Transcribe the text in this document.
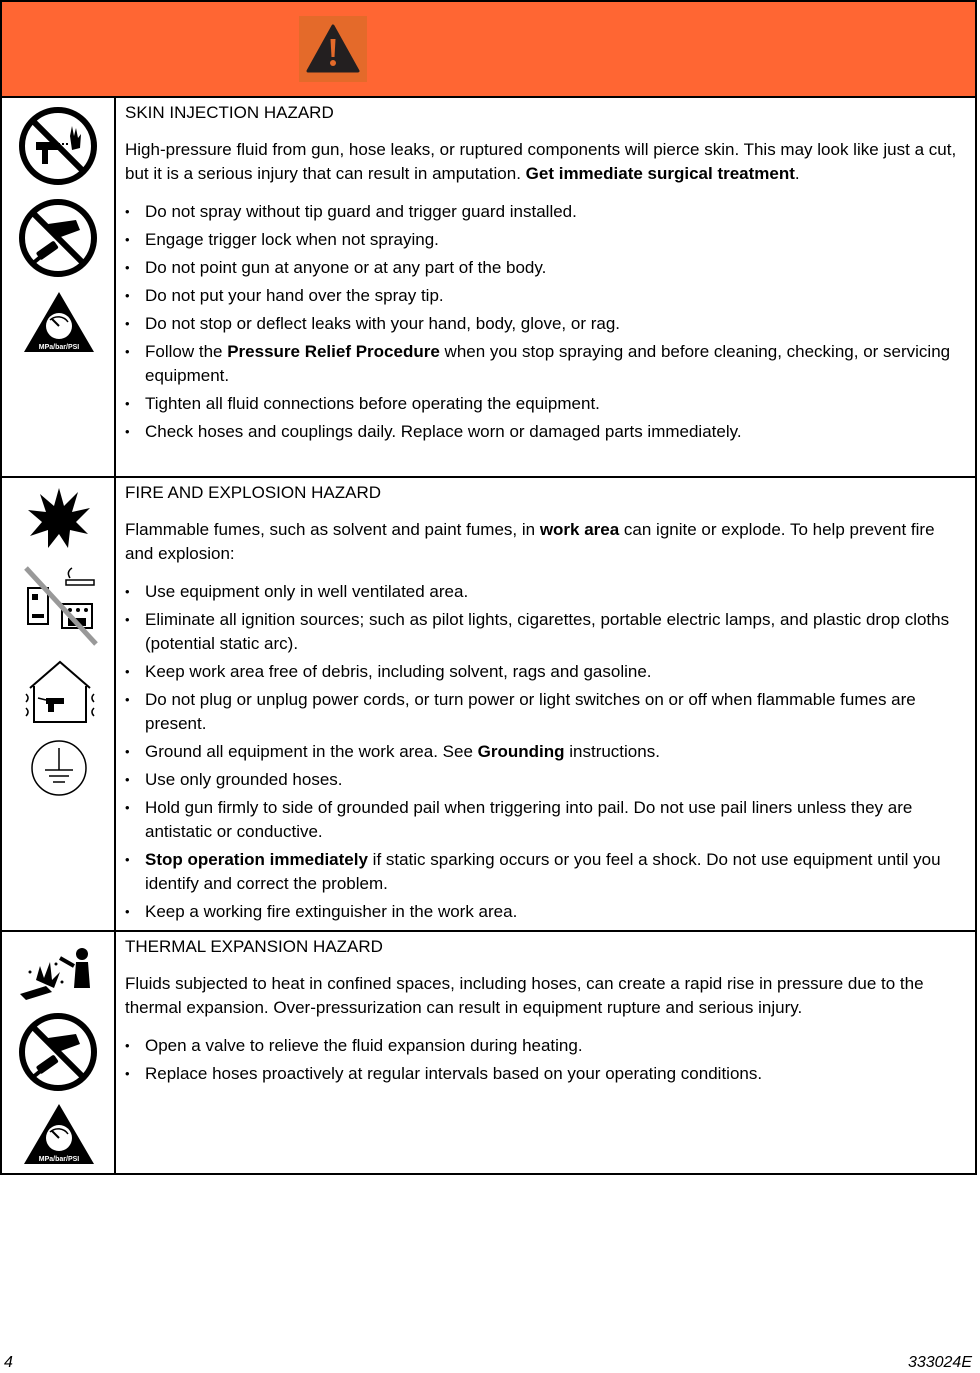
MPa/bar/PSI
SKIN INJECTION HAZARD

High-pressure fluid from gun, hose leaks, or ruptured components will pierce skin. This may look like just a cut, but it is a serious injury that can result in amputation. Get immediate surgical treatment.

• Do not spray without tip guard and trigger guard installed.
• Engage trigger lock when not spraying.
• Do not point gun at anyone or at any part of the body.
• Do not put your hand over the spray tip.
• Do not stop or deflect leaks with your hand, body, glove, or rag.
• Follow the Pressure Relief Procedure when you stop spraying and before cleaning, checking, or servicing equipment.
• Tighten all fluid connections before operating the equipment.
• Check hoses and couplings daily. Replace worn or damaged parts immediately.
FIRE AND EXPLOSION HAZARD

Flammable fumes, such as solvent and paint fumes, in work area can ignite or explode. To help prevent fire and explosion:

• Use equipment only in well ventilated area.
• Eliminate all ignition sources; such as pilot lights, cigarettes, portable electric lamps, and plastic drop cloths (potential static arc).
• Keep work area free of debris, including solvent, rags and gasoline.
• Do not plug or unplug power cords, or turn power or light switches on or off when flammable fumes are present.
• Ground all equipment in the work area. See Grounding instructions.
• Use only grounded hoses.
• Hold gun firmly to side of grounded pail when triggering into pail. Do not use pail liners unless they are antistatic or conductive.
• Stop operation immediately if static sparking occurs or you feel a shock. Do not use equipment until you identify and correct the problem.
• Keep a working fire extinguisher in the work area.
MPa/bar/PSI
THERMAL EXPANSION HAZARD

Fluids subjected to heat in confined spaces, including hoses, can create a rapid rise in pressure due to the thermal expansion. Over-pressurization can result in equipment rupture and serious injury.

• Open a valve to relieve the fluid expansion during heating.
• Replace hoses proactively at regular intervals based on your operating conditions.
4	333024E
